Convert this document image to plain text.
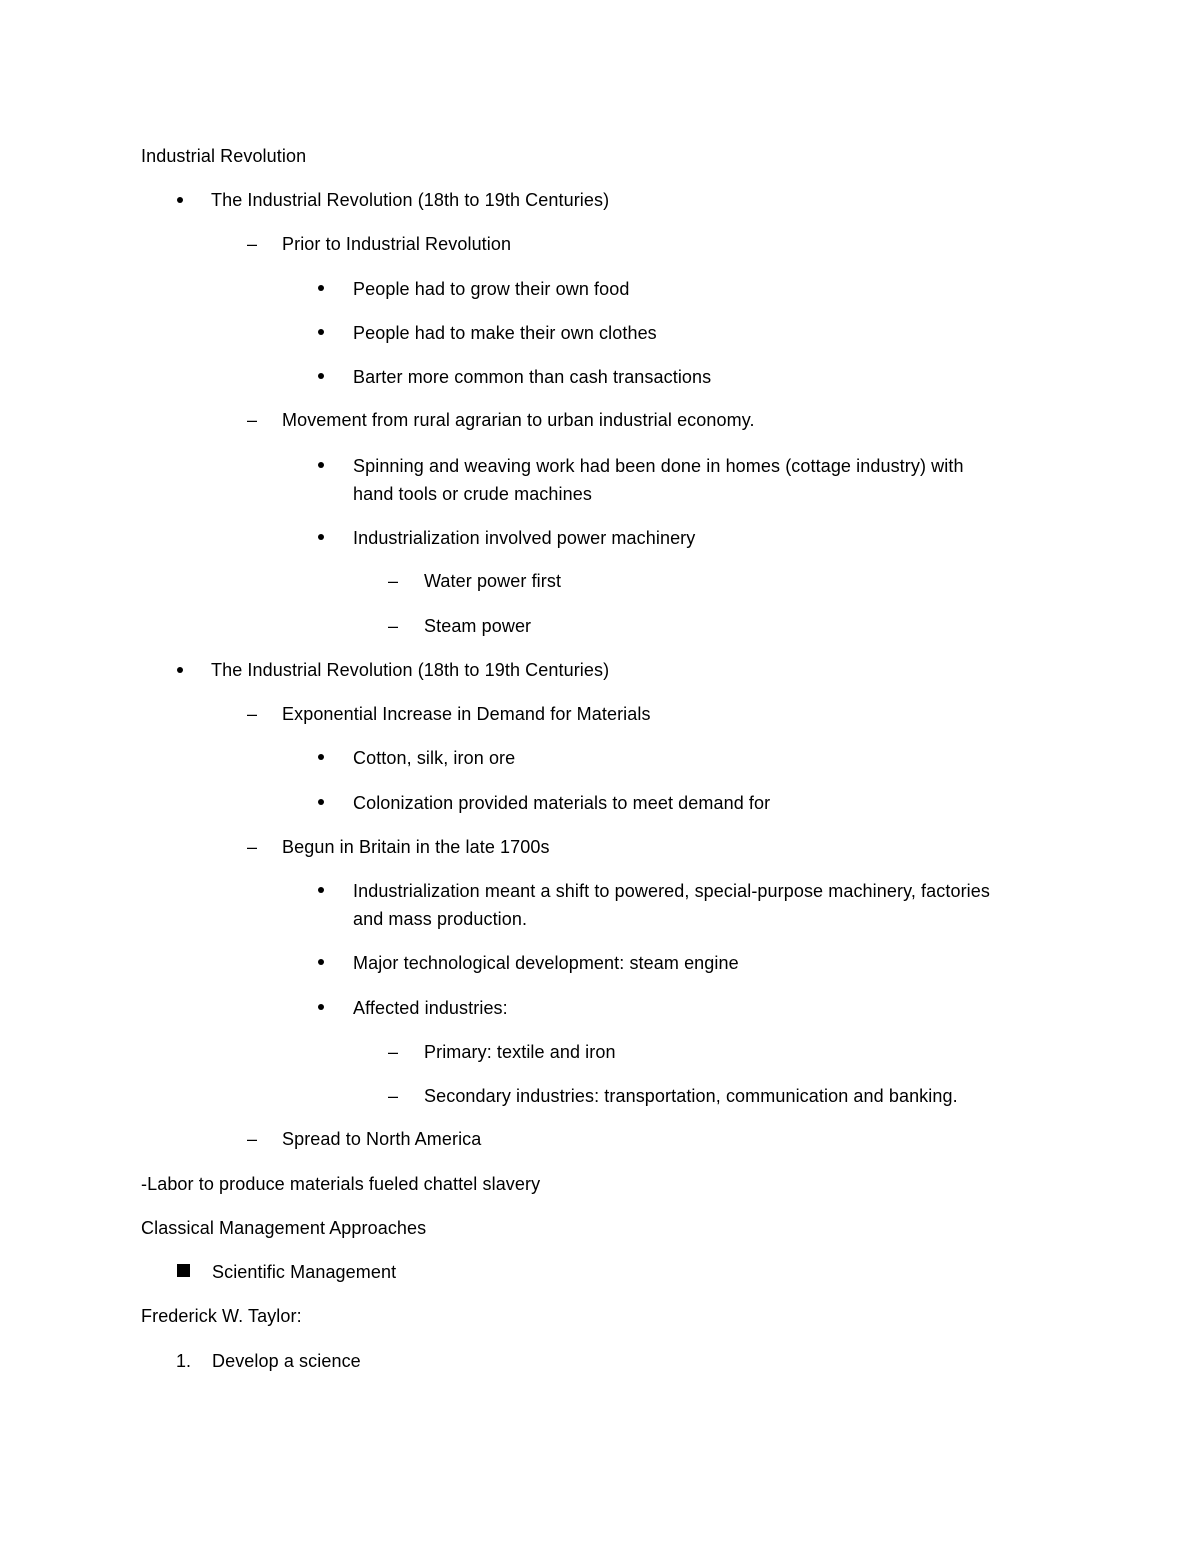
Industrial Revolution
The Industrial Revolution (18th to 19th Centuries)
– Prior to Industrial Revolution
People had to grow their own food
People had to make their own clothes
Barter more common than cash transactions
– Movement from rural agrarian to urban industrial economy.
Spinning and weaving work had been done in homes (cottage industry) with
hand tools or crude machines
Industrialization involved power machinery
– Water power first
– Steam power
The Industrial Revolution (18th to 19th Centuries)
– Exponential Increase in Demand for Materials
Cotton, silk, iron ore
Colonization provided materials to meet demand for
– Begun in Britain in the late 1700s
Industrialization meant a shift to powered, special-purpose machinery, factories
and mass production.
Major technological development: steam engine
Affected industries:
– Primary: textile and iron
– Secondary industries: transportation, communication and banking.
– Spread to North America
-Labor to produce materials fueled chattel slavery
Classical Management Approaches
Scientific Management
Frederick W. Taylor:
1. Develop a science
